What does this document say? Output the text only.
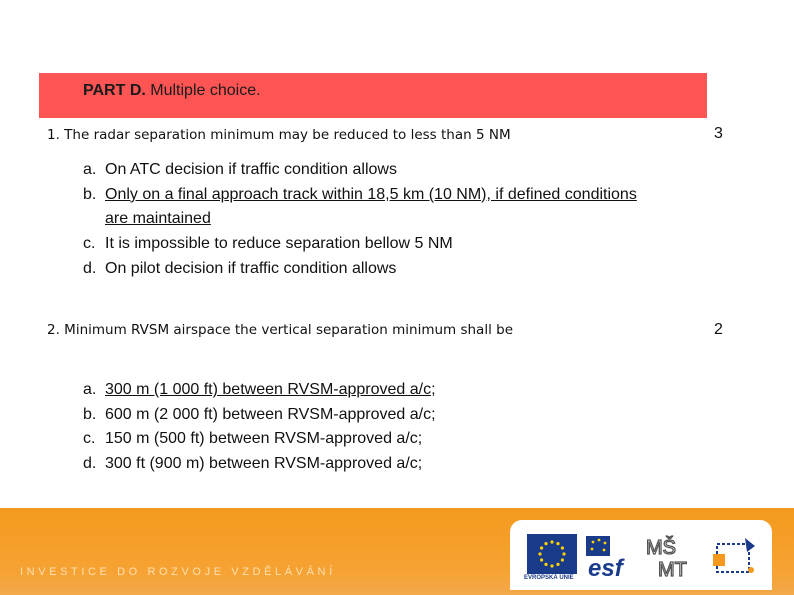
PART D. Multiple choice.
1. The radar separation minimum may be reduced to less than 5 NM	3
a. On ATC decision if traffic condition allows
b. Only on a final approach track within 18,5 km (10 NM), if defined conditions are maintained
c. It is impossible to reduce separation bellow 5 NM
d. On pilot decision if traffic condition allows
2. Minimum RVSM airspace the vertical separation minimum shall be	2
a. 300 m (1 000 ft) between RVSM-approved a/c;
b. 600 m (2 000 ft) between RVSM-approved a/c;
c. 150 m (500 ft) between RVSM-approved a/c;
d. 300 ft (900 m) between RVSM-approved a/c;
INVESTICE DO ROZVOJE VZDĚLÁVÁNÍ	EVROPSKÁ UNIE esf
MŠ
MT
